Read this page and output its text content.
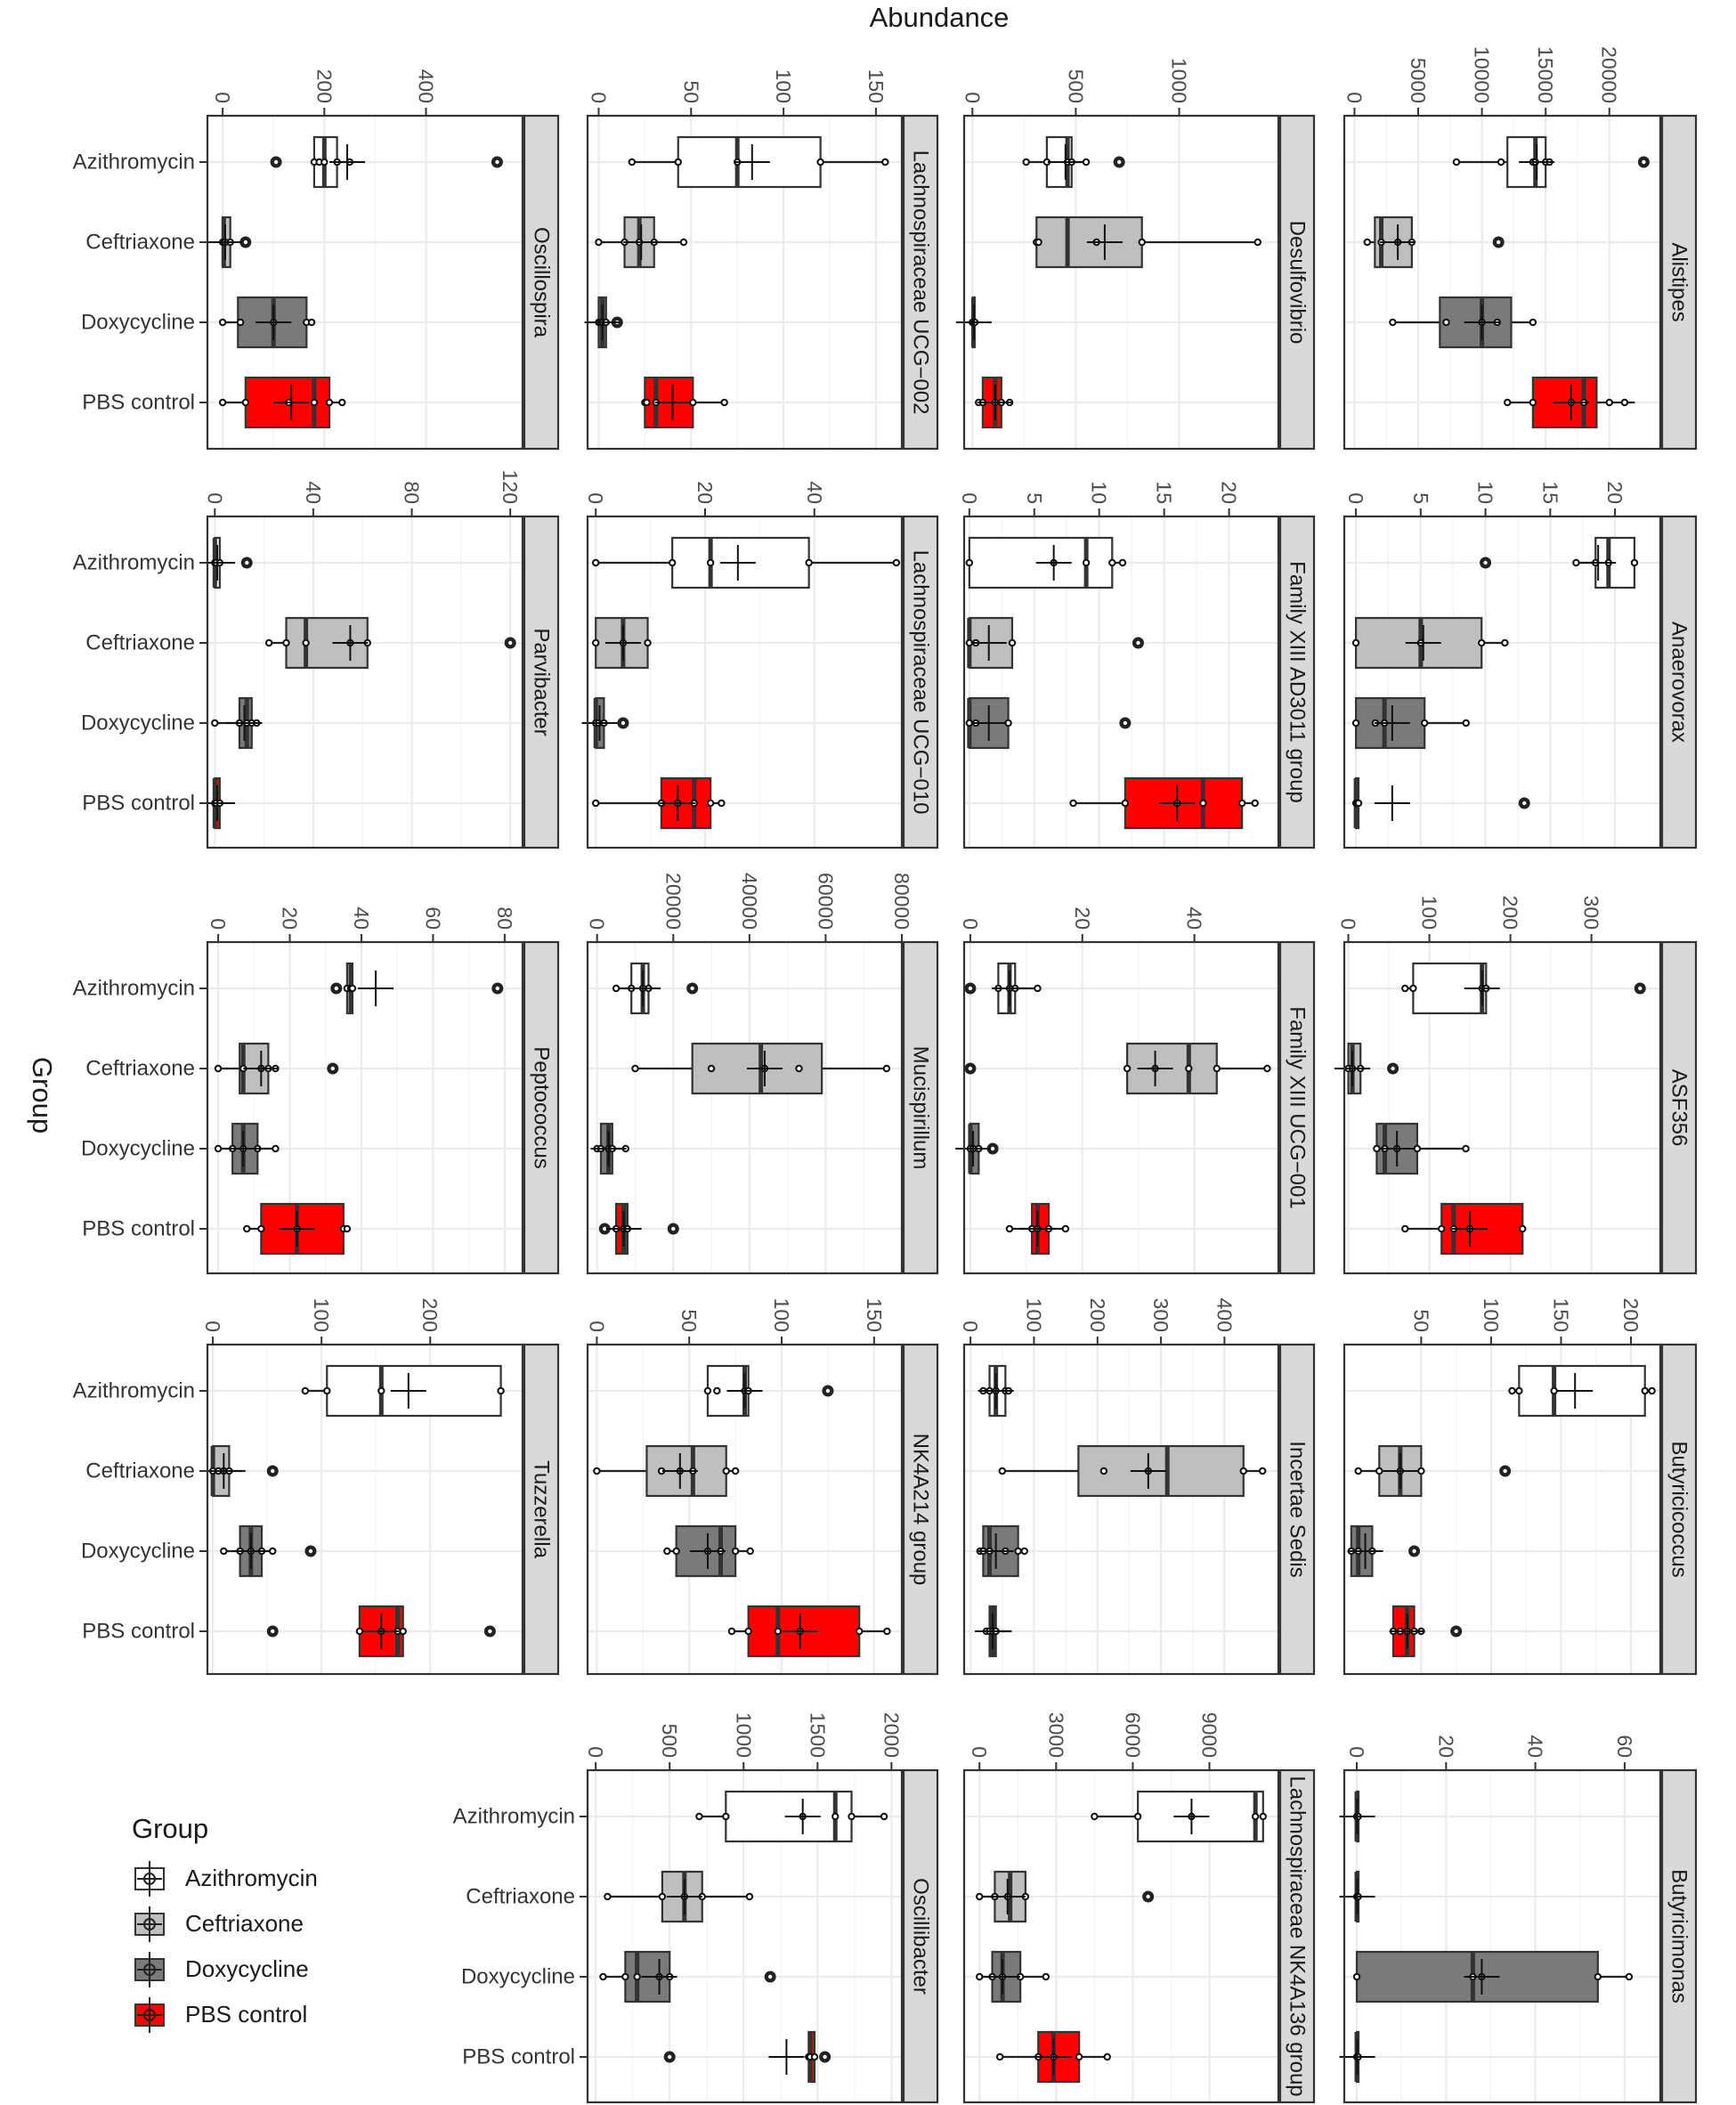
Abundance
Group
Alistipes
0 5000 10000 15000 20000
Desulfovibrio
0	500	1000
Lachnospiraceae UCG−002
0	50	100	150
Oscillospira
0	200	400
Azithromycin
Ceftriaxone
Doxycycline
PBS control
Anaerovorax
0 5 10 15 20
Family XIII AD3011 group
0 5 10 15 20
Lachnospiraceae UCG−010
0	20	40
Parvibacter
0	40	80	120
Azithromycin
Ceftriaxone
Doxycycline
PBS control
ASF356
0	100	200	300
Family XIII UCG−001
0	20	40
Mucispirillum
0	20000	40000	60000	80000
Peptococcus
0 20 40 60 80
Azithromycin
Ceftriaxone
Doxycycline
PBS control
Butyricicoccus
50 100 150 200
Incertae Sedis
0 100 200 300 400
NK4A214 group
0	50	100	150
Tuzzerella
0	100	200
Azithromycin
Ceftriaxone
Doxycycline
PBS control
Butyricimonas
0	20	40	60
Lachnospiraceae NK4A136 group
0	3000	6000	9000
Oscillibacter
0 500 1000 1500 2000
Azithromycin
Ceftriaxone
Doxycycline
PBS control
Group
Azithromycin
Ceftriaxone
Doxycycline
PBS control
